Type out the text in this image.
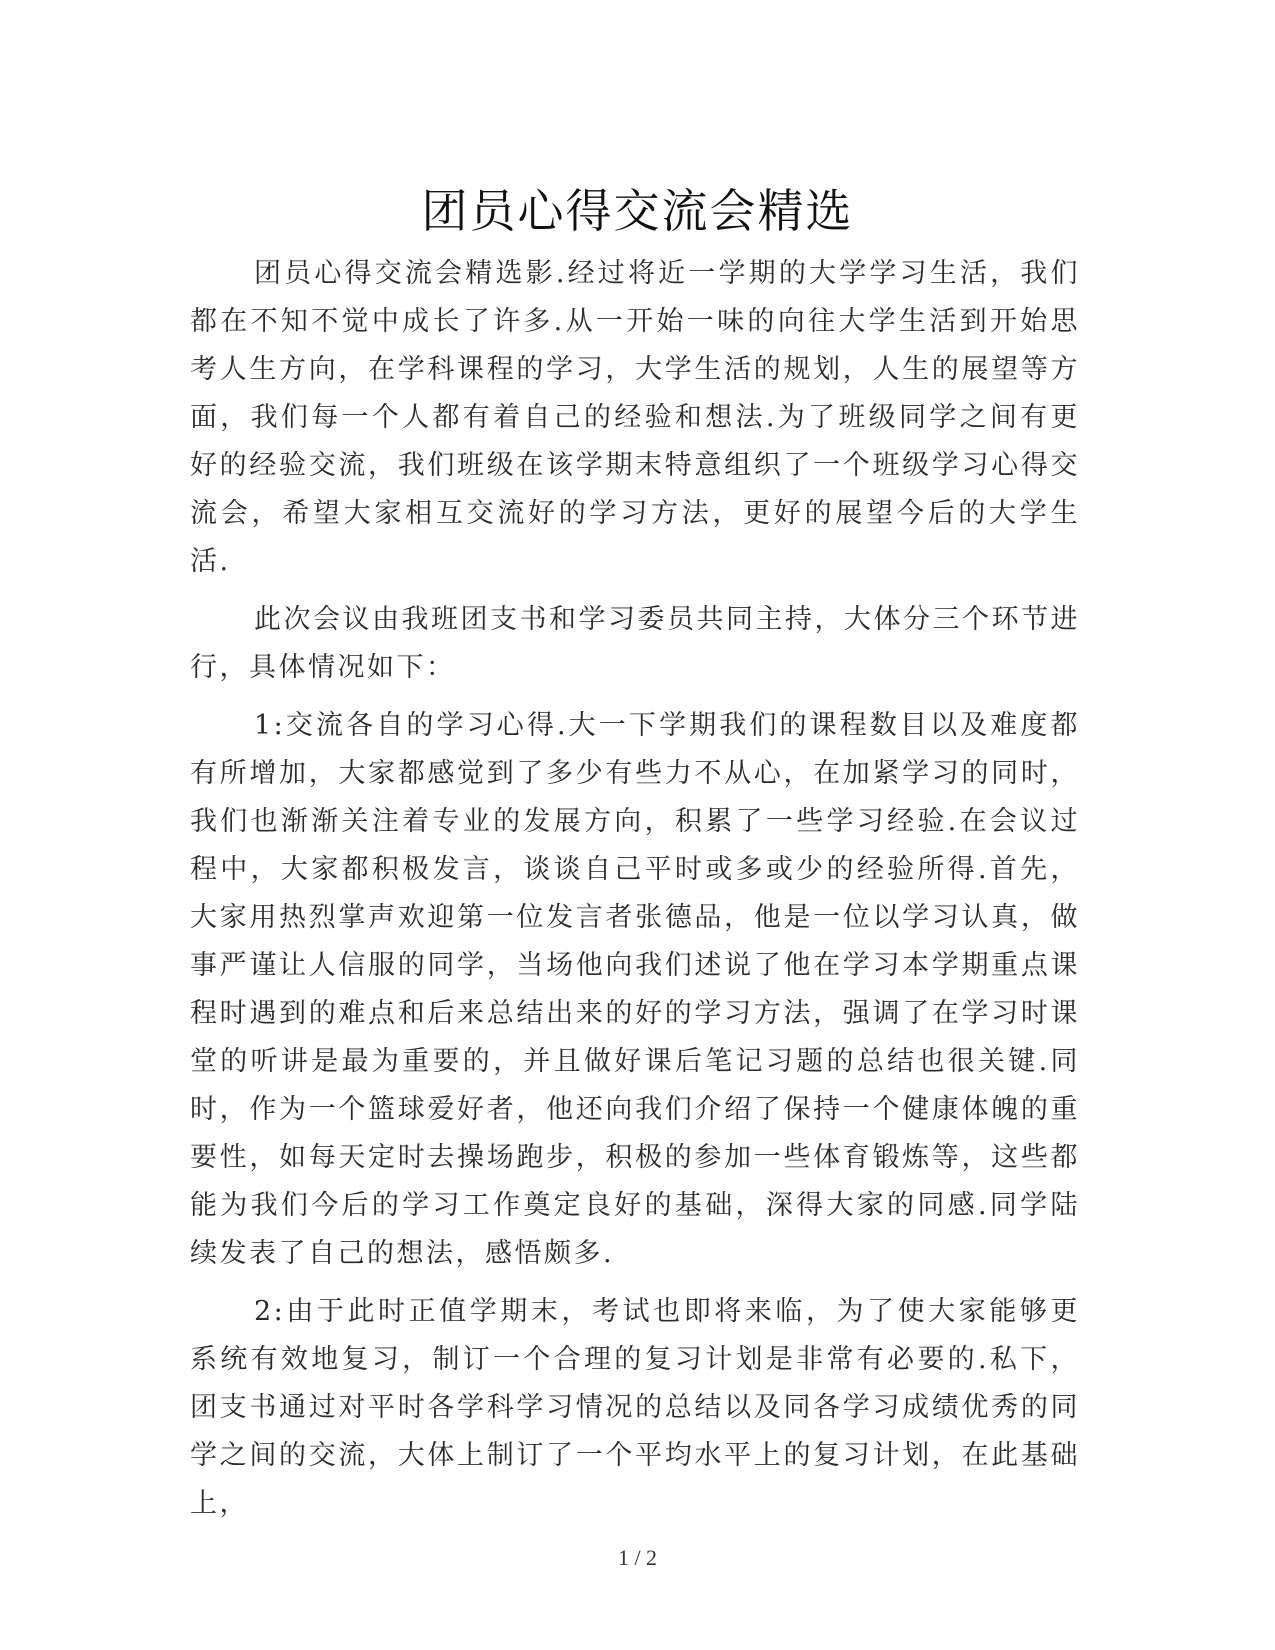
团员心得交流会精选

团员心得交流会精选影.经过将近一学期的大学学习生活，我们都在不知不觉中成长了许多.从一开始一味的向往大学生活到开始思考人生方向，在学科课程的学习，大学生活的规划，人生的展望等方面，我们每一个人都有着自己的经验和想法.为了班级同学之间有更好的经验交流，我们班级在该学期末特意组织了一个班级学习心得交流会，希望大家相互交流好的学习方法，更好的展望今后的大学生活.

此次会议由我班团支书和学习委员共同主持，大体分三个环节进行，具体情况如下：

1:交流各自的学习心得.大一下学期我们的课程数目以及难度都有所增加，大家都感觉到了多少有些力不从心，在加紧学习的同时，我们也渐渐关注着专业的发展方向，积累了一些学习经验.在会议过程中，大家都积极发言，谈谈自己平时或多或少的经验所得.首先，大家用热烈掌声欢迎第一位发言者张德品，他是一位以学习认真，做事严谨让人信服的同学，当场他向我们述说了他在学习本学期重点课程时遇到的难点和后来总结出来的好的学习方法，强调了在学习时课堂的听讲是最为重要的，并且做好课后笔记习题的总结也很关键.同时，作为一个篮球爱好者，他还向我们介绍了保持一个健康体魄的重要性，如每天定时去操场跑步，积极的参加一些体育锻炼等，这些都能为我们今后的学习工作奠定良好的基础，深得大家的同感.同学陆续发表了自己的想法，感悟颇多.

2:由于此时正值学期末，考试也即将来临，为了使大家能够更系统有效地复习，制订一个合理的复习计划是非常有必要的.私下，团支书通过对平时各学科学习情况的总结以及同各学习成绩优秀的同学之间的交流，大体上制订了一个平均水平上的复习计划，在此基础上，

1 / 2
